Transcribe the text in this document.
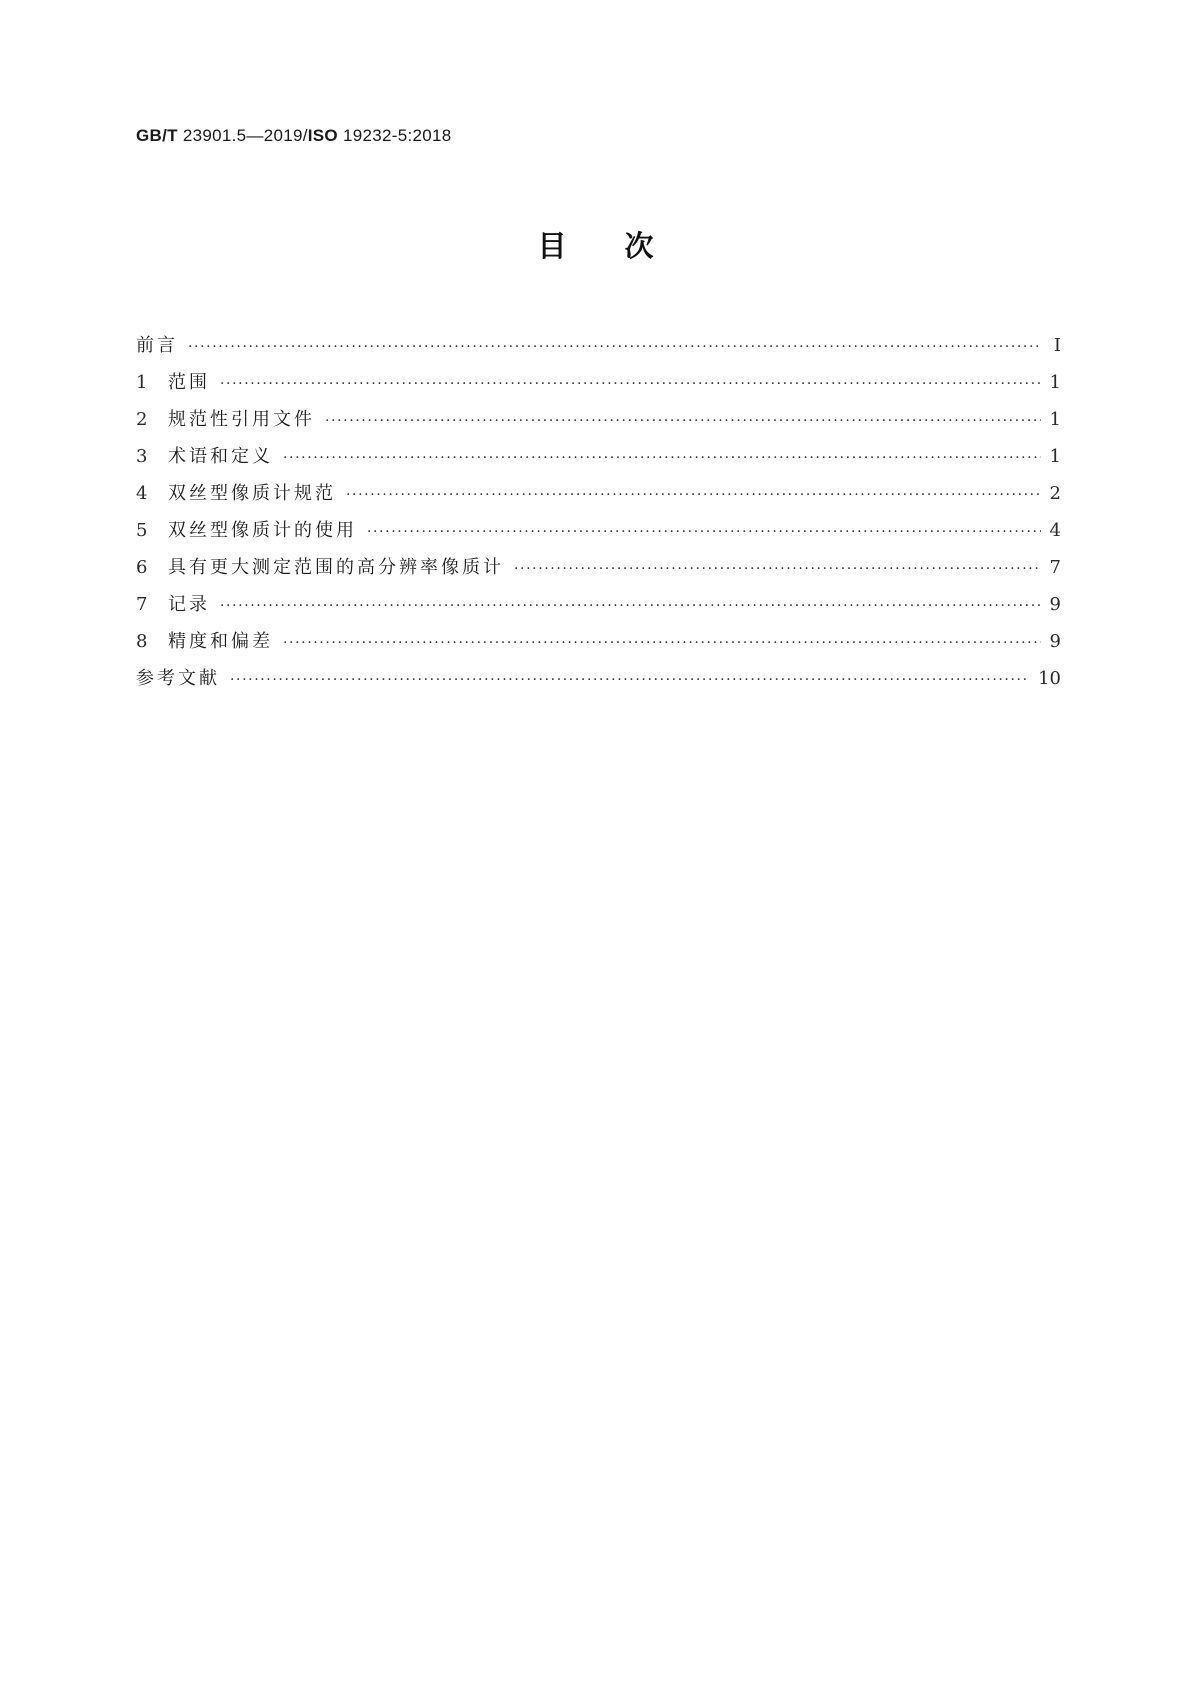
GB/T 23901.5—2019/ISO 19232-5:2018
目次
前言 ·····	Ⅰ
1	范围 ·····	1
2	规范性引用文件 ·····	1
3	术语和定义 ·····	1
4	双丝型像质计规范 ·····	2
5	双丝型像质计的使用 ·····	4
6	具有更大测定范围的高分辨率像质计 ·····	7
7	记录 ·····	9
8	精度和偏差 ·····	9
参考文献 ·····	10
